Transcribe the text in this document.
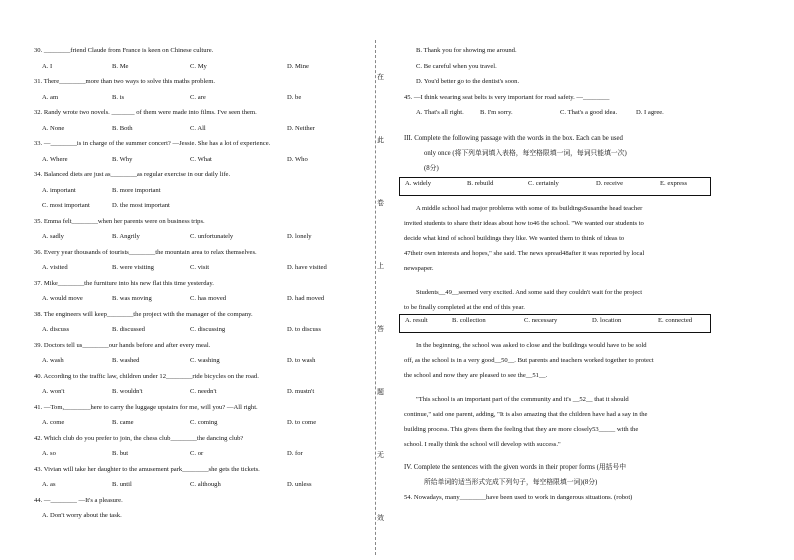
30. ________friend Claude from France is keen on Chinese culture.
A. I	B. Me	C. My	D. Mine
31. There________more than two ways to solve this maths problem.
A. am	B. is	C. are	D. be
32. Randy wrote two novels. _______ of them were made into films. I've seen them.
A. None	B. Both	C. All	D. Neither
33. —________is in charge of the summer concert? —Jessie. She has a lot of experience.
A. Where	B. Why	C. What	D. Who
34. Balanced diets are just as________as regular exercise in our daily life.
A. important	B. more important
C. most important	D. the most important
35. Emma felt________when her parents were on business trips.
A. sadly	B. Angrily	C. unfortunately	D. lonely
36. Every year thousands of tourists________the mountain area to relax themselves.
A. visited	B. were visiting	C. visit	D. have visited
37. Mike________the furniture into his new flat this time yesterday.
A. would move	B. was moving	C. has moved	D. had moved
38. The engineers will keep________the project with the manager of the company.
A. discuss	B. discussed	C. discussing	D. to discuss
39. Doctors tell us________our hands before and after every meal.
A. wash	B. washed	C. washing	D. to wash
40. According to the traffic law, children under 12________ride bicycles on the road.
A. won't	B. wouldn't	C. needn't	D. mustn't
41. —Tom,________here to carry the luggage upstairs for me, will you? —All right.
A. come	B. came	C. coming	D. to come
42. Which club do you prefer to join, the chess club________the dancing club?
A. so	B. but	C. or	D. for
43. Vivian will take her daughter to the amusement park________she gets the tickets.
A. as	B. until	C. although	D. unless
44. —________ —It's a pleasure.
A. Don't worry about the task.
在
此
卷
上
答
题
无
效
B. Thank you for showing me around.
C. Be careful when you travel.
D. You'd better go to the dentist's soon.
45. —I think wearing seat belts is very important for road safety. —________
A. That's all right. B. I'm sorry.	C. That's a good idea.	D. I agree.
III. Complete the following passage with the words in the box. Each can be used
only once (将下列单词填入表格，每空格限填一词，每词只能填一次)
(8分)
A. widely	B. rebuild	C. certainly	D. receive	E. express
A middle school had major problems with some of its buildingsSusanthe head teacher
invited students to share their ideas about how to46 the school. "We wanted our students to
decide what kind of school buildings they like. We wanted them to think of ideas to
47their own interests and hopes," she said. The news spread48after it was reported by local
newspaper.
Students__49__seemed very excited. And some said they couldn't wait for the project
to be finally completed at the end of this year.
A. result	B. collection	C. necessary	D. location	E. connected
In the beginning, the school was asked to close and the buildings would have to be sold
off, as the school is in a very good__50__. But parents and teachers worked together to protect
the school and now they are pleased to see the__51__.
"This school is an important part of the community and it's __52__ that it should
continue," said one parent, adding, "It is also amazing that the children have had a say in the
building process. This gives them the feeling that they are more closely53_____ with the
school. I really think the school will develop with success."
IV. Complete the sentences with the given words in their proper forms (用括号中
所给单词的适当形式完成下列句子，每空格限填一词)(8分)
54. Nowadays, many________have been used to work in dangerous situations. (robot)
